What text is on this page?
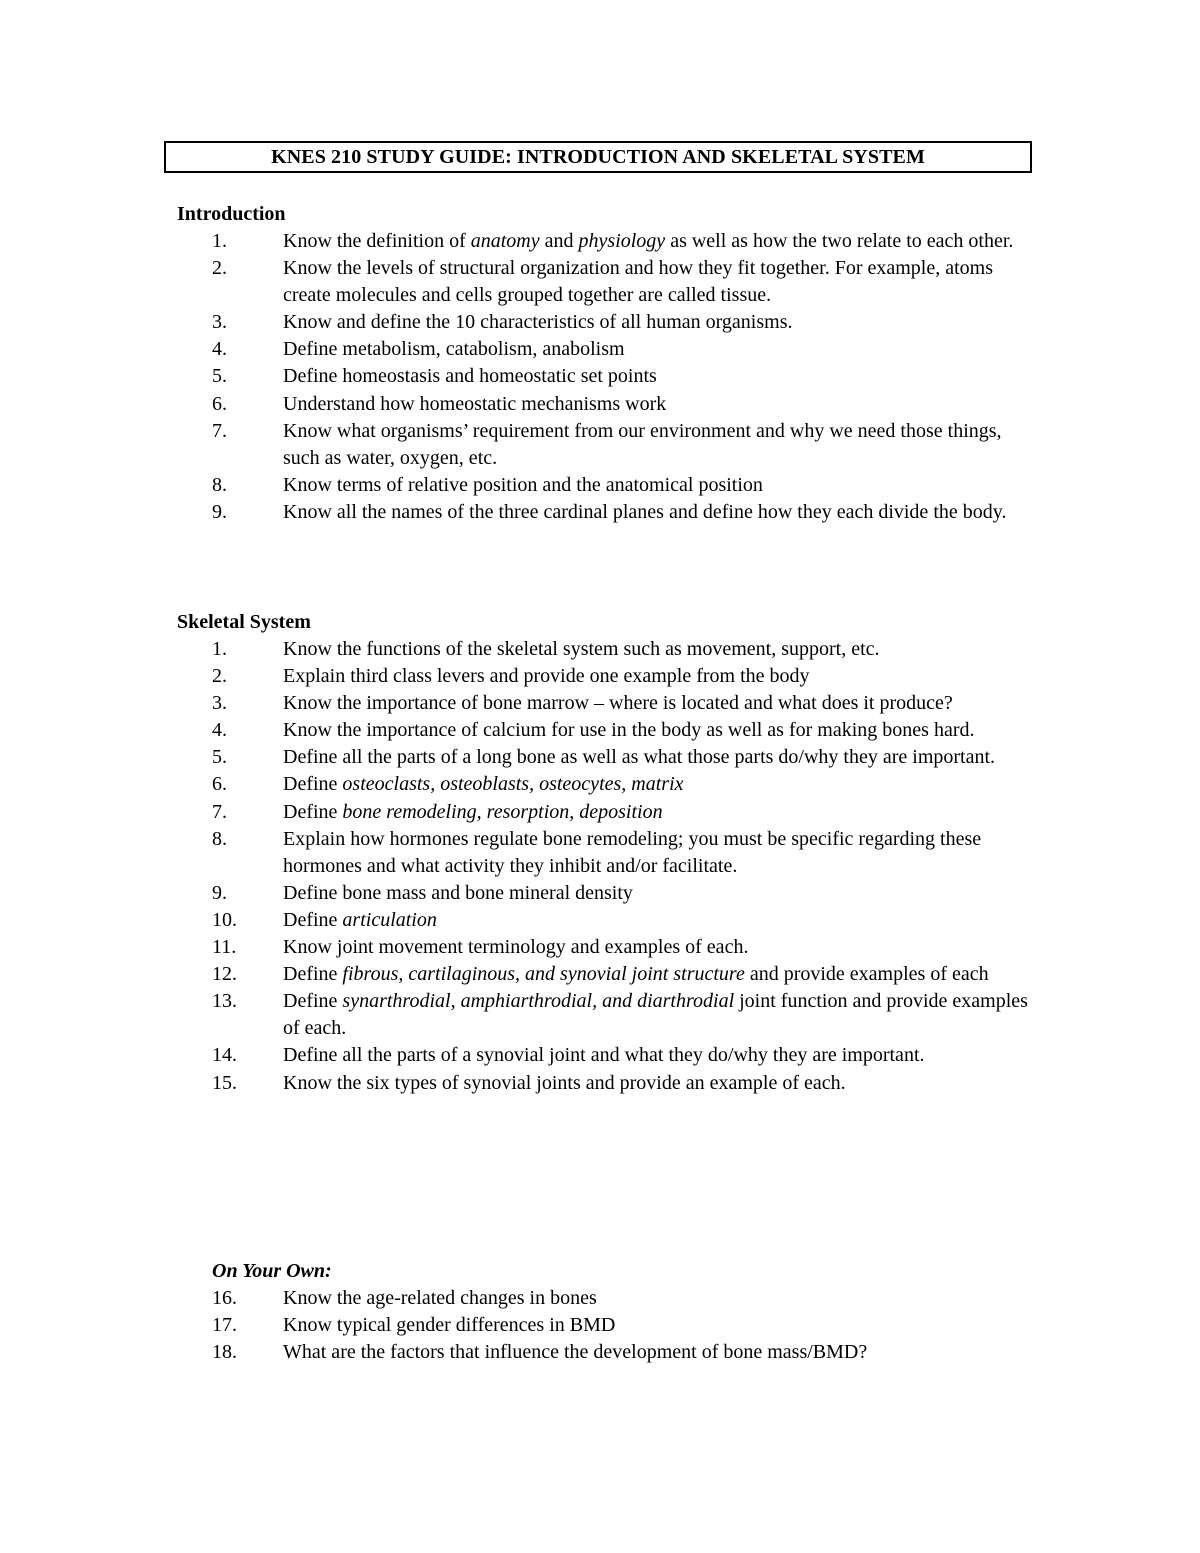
KNES 210 STUDY GUIDE: INTRODUCTION AND SKELETAL SYSTEM
Introduction
1.	Know the definition of anatomy and physiology as well as how the two relate to each other.
2.	Know the levels of structural organization and how they fit together. For example, atoms create molecules and cells grouped together are called tissue.
3.	Know and define the 10 characteristics of all human organisms.
4.	Define metabolism, catabolism, anabolism
5.	Define homeostasis and homeostatic set points
6.	Understand how homeostatic mechanisms work
7.	Know what organisms’ requirement from our environment and why we need those things, such as water, oxygen, etc.
8.	Know terms of relative position and the anatomical position
9.	Know all the names of the three cardinal planes and define how they each divide the body.
Skeletal System
1.	Know the functions of the skeletal system such as movement, support, etc.
2.	Explain third class levers and provide one example from the body
3.	Know the importance of bone marrow – where is located and what does it produce?
4.	Know the importance of calcium for use in the body as well as for making bones hard.
5.	Define all the parts of a long bone as well as what those parts do/why they are important.
6.	Define osteoclasts, osteoblasts, osteocytes, matrix
7.	Define bone remodeling, resorption, deposition
8.	Explain how hormones regulate bone remodeling; you must be specific regarding these hormones and what activity they inhibit and/or facilitate.
9.	Define bone mass and bone mineral density
10. Define articulation
11. Know joint movement terminology and examples of each.
12. Define fibrous, cartilaginous, and synovial joint structure and provide examples of each
13. Define synarthrodial, amphiarthrodial, and diarthrodial joint function and provide examples of each.
14. Define all the parts of a synovial joint and what they do/why they are important.
15. Know the six types of synovial joints and provide an example of each.
On Your Own:
16. Know the age-related changes in bones
17. Know typical gender differences in BMD
18. What are the factors that influence the development of bone mass/BMD?
